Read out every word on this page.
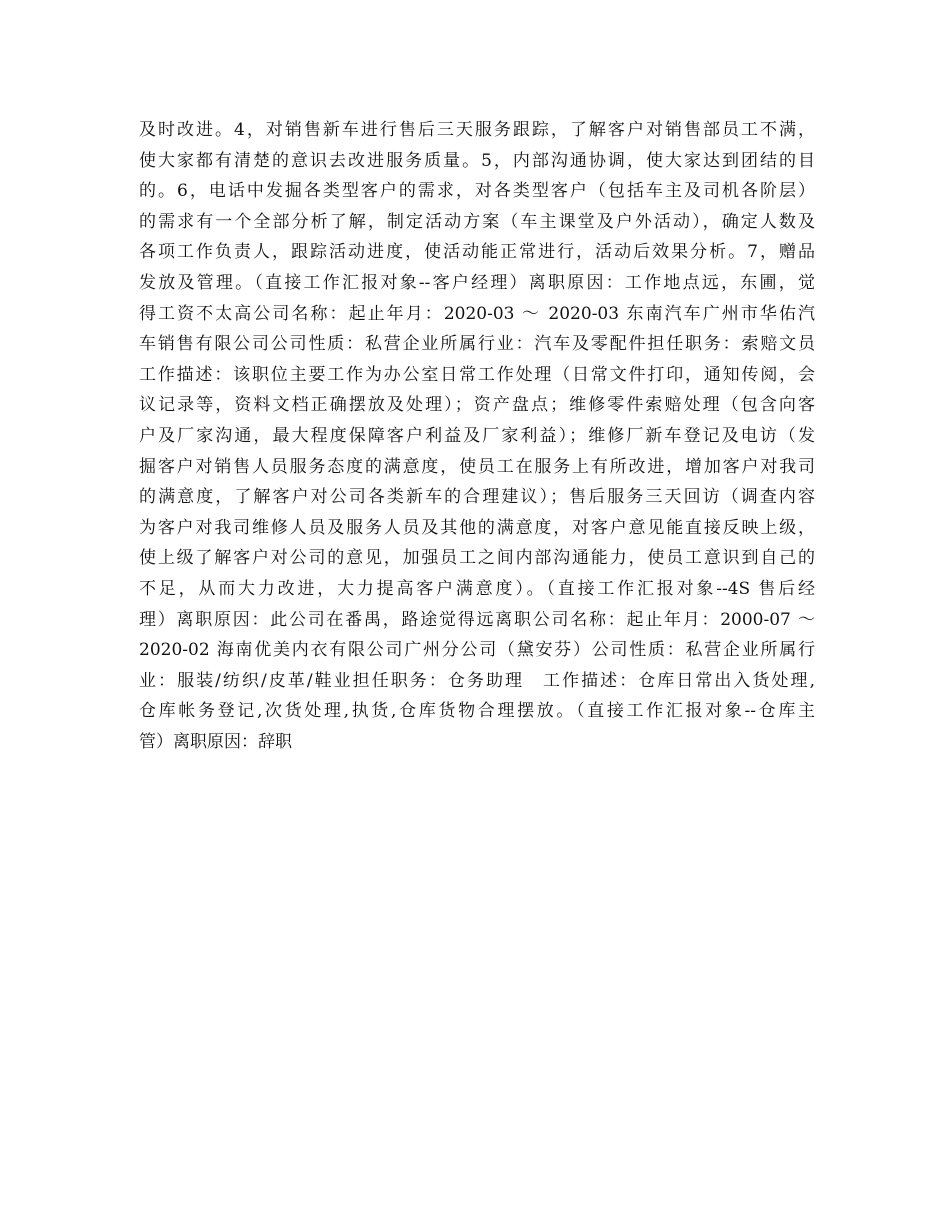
及时改进。4，对销售新车进行售后三天服务跟踪，了解客户对销售部员工不满，
使大家都有清楚的意识去改进服务质量。5，内部沟通协调，使大家达到团结的目
的。6，电话中发掘各类型客户的需求，对各类型客户（包括车主及司机各阶层）
的需求有一个全部分析了解，制定活动方案（车主课堂及户外活动），确定人数及
各项工作负责人，跟踪活动进度，使活动能正常进行，活动后效果分析。7，赠品
发放及管理。（直接工作汇报对象--客户经理）离职原因：工作地点远，东圃，觉
得工资不太高公司名称：起止年月：2020-03 ～ 2020-03 东南汽车广州市华佑汽
车销售有限公司公司性质：私营企业所属行业：汽车及零配件担任职务：索赔文员
工作描述：该职位主要工作为办公室日常工作处理（日常文件打印，通知传阅，会
议记录等，资料文档正确摆放及处理）；资产盘点；维修零件索赔处理（包含向客
户及厂家沟通，最大程度保障客户利益及厂家利益）；维修厂新车登记及电访（发
掘客户对销售人员服务态度的满意度，使员工在服务上有所改进，增加客户对我司
的满意度，了解客户对公司各类新车的合理建议）；售后服务三天回访（调查内容
为客户对我司维修人员及服务人员及其他的满意度，对客户意见能直接反映上级，
使上级了解客户对公司的意见，加强员工之间内部沟通能力，使员工意识到自己的
不足，从而大力改进，大力提高客户满意度）。（直接工作汇报对象--4S 售后经
理）离职原因：此公司在番禺，路途觉得远离职公司名称：起止年月：2000-07 ～
2020-02 海南优美内衣有限公司广州分公司（黛安芬）公司性质：私营企业所属行
业：服装/纺织/皮革/鞋业担任职务：仓务助理　工作描述：仓库日常出入货处理,
仓库帐务登记,次货处理,执货,仓库货物合理摆放。（直接工作汇报对象--仓库主
管）离职原因：辞职
